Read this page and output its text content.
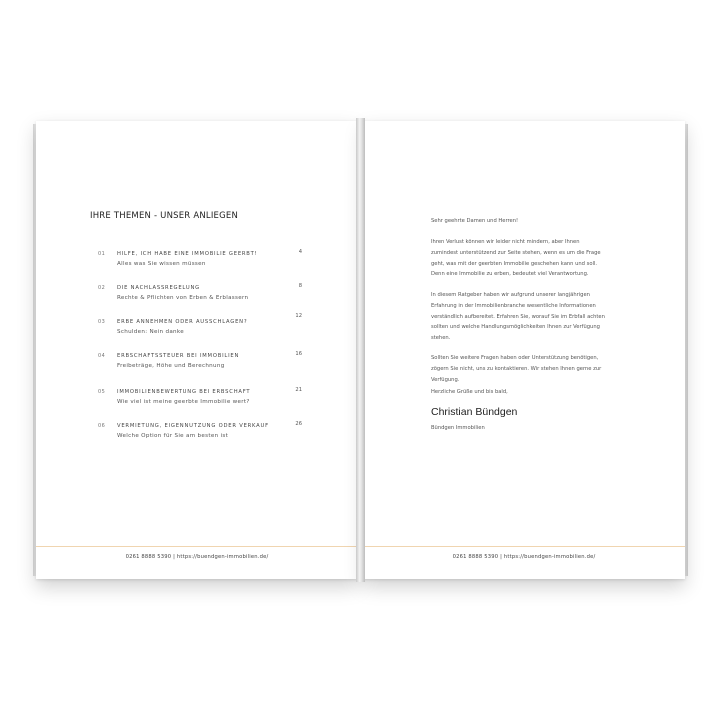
IHRE THEMEN - UNSER ANLIEGEN
01 HILFE, ICH HABE EINE IMMOBILIE GEERBT!
Alles was Sie wissen müssen
4
02 DIE NACHLASSREGELUNG
Rechte & Pflichten von Erben & Erblassern
8
03 ERBE ANNEHMEN ODER AUSSCHLAGEN?
Schulden: Nein danke
12
04 ERBSCHAFTSSTEUER BEI IMMOBILIEN
Freibeträge, Höhe und Berechnung
16
05 IMMOBILIENBEWERTUNG BEI ERBSCHAFT
Wie viel ist meine geerbte Immobilie wert?
21
06 VERMIETUNG, EIGENNUTZUNG ODER VERKAUF
Welche Option für Sie am besten ist
26
0261 8888 5390 | https://buendgen-immobilien.de/
Sehr geehrte Damen und Herren!
Ihren Verlust können wir leider nicht mindern, aber Ihnen
zumindest unterstützend zur Seite stehen, wenn es um die Frage
geht, was mit der geerbten Immobilie geschehen kann und soll.
Denn eine Immobilie zu erben, bedeutet viel Verantwortung.
In diesem Ratgeber haben wir aufgrund unserer langjährigen
Erfahrung in der Immobilienbranche wesentliche Informationen
verständlich aufbereitet. Erfahren Sie, worauf Sie im Erbfall achten
sollten und welche Handlungsmöglichkeiten Ihnen zur Verfügung
stehen.
Sollten Sie weitere Fragen haben oder Unterstützung benötigen,
zögern Sie nicht, uns zu kontaktieren. Wir stehen Ihnen gerne zur
Verfügung.
Herzliche Grüße und bis bald,
Christian Bündgen
Bündgen Immobilien
0261 8888 5390 | https://buendgen-immobilien.de/
